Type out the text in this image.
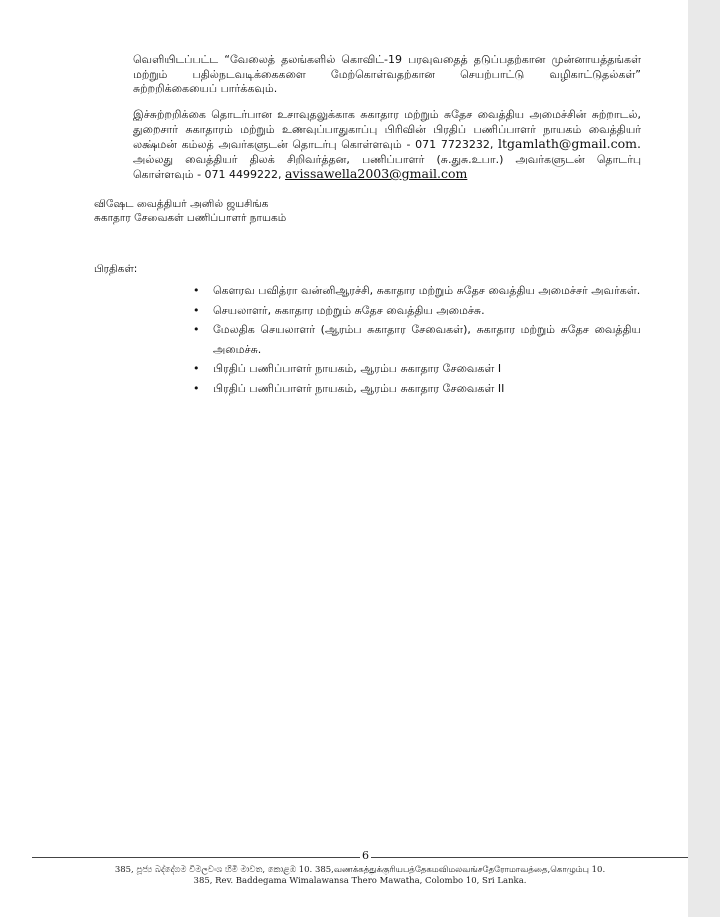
வெளியிடப்பட்ட “வேலைத் தலங்களில் கொவிட்-19 பரவுவதைத் தடுப்பதற்கான முன்னாயத்தங்கள் மற்றும் பதில்நடவடிக்கைகளை மேற்கொள்வதற்கான செயற்பாட்டு வழிகாட்டுதல்கள்” சுற்றறிக்கையைப் பார்க்கவும்.

இச்சுற்றறிக்கை தொடர்பான உசாவுதலுக்காக சுகாதார மற்றும் சுதேச வைத்திய அமைச்சின் சுற்றாடல், துறைசார் சுகாதாரம் மற்றும் உணவுப்பாதுகாப்பு பிரிவின் பிரதிப் பணிப்பாளர் நாயகம் வைத்தியர் லக்ஷ்மன் கம்லத் அவர்களுடன் தொடர்பு கொள்ளவும் - 071 7723232, ltgamlath@gmail.com. அல்லது வைத்தியர் திலக் சிறிவர்த்தன, பணிப்பாளர் (சு.துசு.உபா.) அவர்களுடன் தொடர்பு கொள்ளவும் - 071 4499222, avissawella2003@gmail.com

விஷேட வைத்தியர் அனில் ஜயசிங்க
சுகாதார சேவைகள் பணிப்பாளர் நாயகம்
பிரதிகள்:
• கௌரவ பவித்ரா வன்னிஆரச்சி, சுகாதார மற்றும் சுதேச வைத்திய அமைச்சர் அவர்கள்.
• செயலாளர், சுகாதார மற்றும் சுதேச வைத்திய அமைச்சு.
• மேலதிக செயலாளர் (ஆரம்ப சுகாதார சேவைகள்), சுகாதார மற்றும் சுதேச வைத்திய அமைச்சு.
• பிரதிப் பணிப்பாளர் நாயகம், ஆரம்ப சுகாதார சேவைகள் I
• பிரதிப் பணிப்பாளர் நாயகம், ஆரம்ப சுகாதார சேவைகள் II
6
385, පූජ්‍ය බද්දේගම විමලවංශ හිමි මාවත, කොළඹ 10. 385,வணக்கத்துக்குரியபத்தேகமவிமலவங்சதேரோமாவத்தை,கொழும்பு 10.
385, Rev. Baddegama Wimalawansa Thero Mawatha, Colombo 10, Sri Lanka.
